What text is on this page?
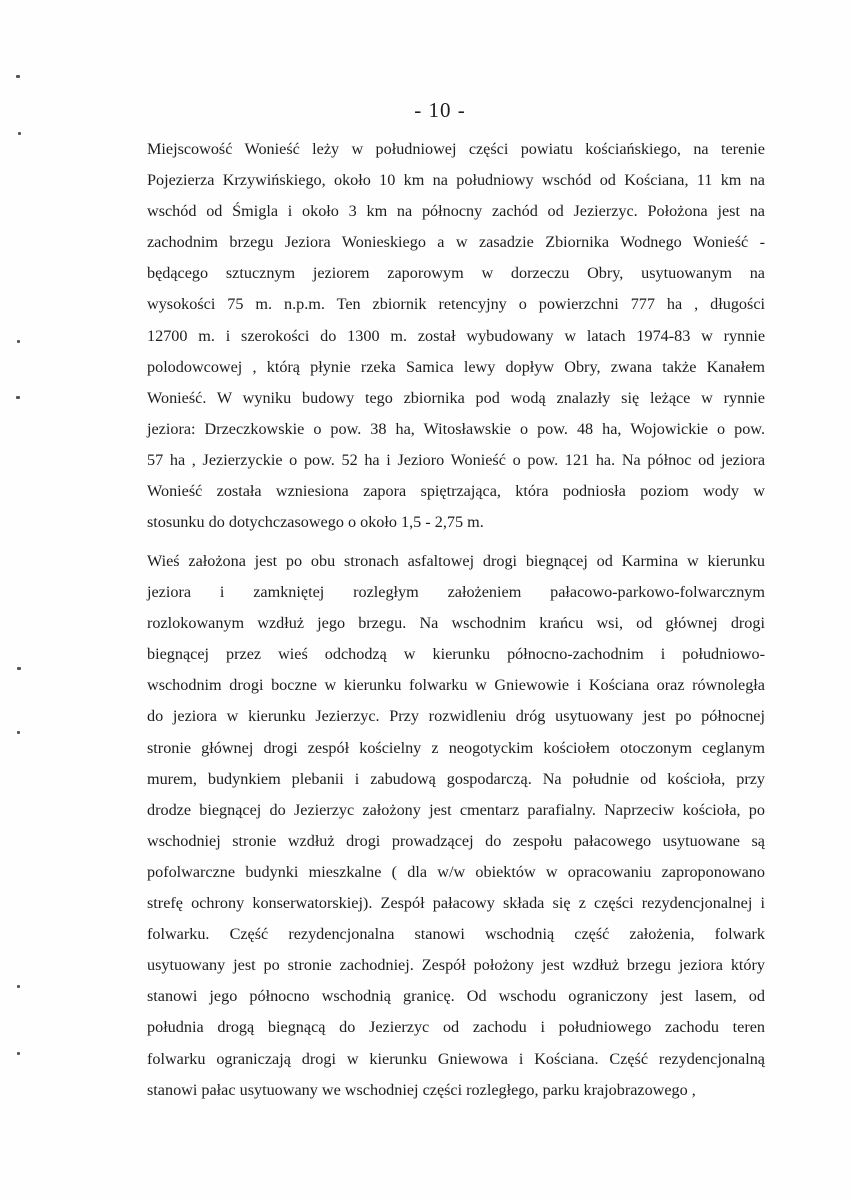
- 10 -
Miejscowość Wonieść leży w południowej części powiatu kościańskiego, na terenie
Pojezierza Krzywińskiego, około 10 km na południowy wschód od Kościana, 11 km na
wschód od Śmigla i około 3 km na północny zachód od Jezierzyc. Położona jest na
zachodnim brzegu Jeziora Wonieskiego a w zasadzie Zbiornika Wodnego Wonieść -
będącego sztucznym jeziorem zaporowym w dorzeczu Obry, usytuowanym na
wysokości 75 m. n.p.m. Ten zbiornik retencyjny o powierzchni 777 ha , długości
12700 m. i szerokości do 1300 m. został wybudowany w latach 1974-83 w rynnie
polodowcowej , którą płynie rzeka Samica lewy dopływ Obry, zwana także Kanałem
Wonieść. W wyniku budowy tego zbiornika pod wodą znalazły się leżące w rynnie
jeziora: Drzeczkowskie o pow. 38 ha, Witosławskie o pow. 48 ha, Wojowickie o pow.
57 ha , Jezierzyckie o pow. 52 ha i Jezioro Wonieść o pow. 121 ha. Na północ od jeziora
Wonieść została wzniesiona zapora spiętrzająca, która podniosła poziom wody w
stosunku do dotychczasowego o około 1,5 - 2,75 m.
Wieś założona jest po obu stronach asfaltowej drogi biegnącej od Karmina w kierunku
jeziora i zamkniętej rozległym założeniem pałacowo-parkowo-folwarcznym
rozlokowanym wzdłuż jego brzegu. Na wschodnim krańcu wsi, od głównej drogi
biegnącej przez wieś odchodzą w kierunku północno-zachodnim i południowo-
wschodnim drogi boczne w kierunku folwarku w Gniewowie i Kościana oraz równoległa
do jeziora w kierunku Jezierzyc. Przy rozwidleniu dróg usytuowany jest po północnej
stronie głównej drogi zespół kościelny z neogotyckim kościołem otoczonym ceglanym
murem, budynkiem plebanii i zabudową gospodarczą. Na południe od kościoła, przy
drodze biegnącej do Jezierzyc założony jest cmentarz parafialny. Naprzeciw kościoła, po
wschodniej stronie wzdłuż drogi prowadzącej do zespołu pałacowego usytuowane są
pofolwarczne budynki mieszkalne ( dla w/w obiektów w opracowaniu zaproponowano
strefę ochrony konserwatorskiej). Zespół pałacowy składa się z części rezydencjonalnej i
folwarku. Część rezydencjonalna stanowi wschodnią część założenia, folwark
usytuowany jest po stronie zachodniej. Zespół położony jest wzdłuż brzegu jeziora który
stanowi jego północno wschodnią granicę. Od wschodu ograniczony jest lasem, od
południa drogą biegnącą do Jezierzyc od zachodu i południowego zachodu teren
folwarku ograniczają drogi w kierunku Gniewowa i Kościana. Część rezydencjonalną
stanowi pałac usytuowany we wschodniej części rozległego, parku krajobrazowego ,
